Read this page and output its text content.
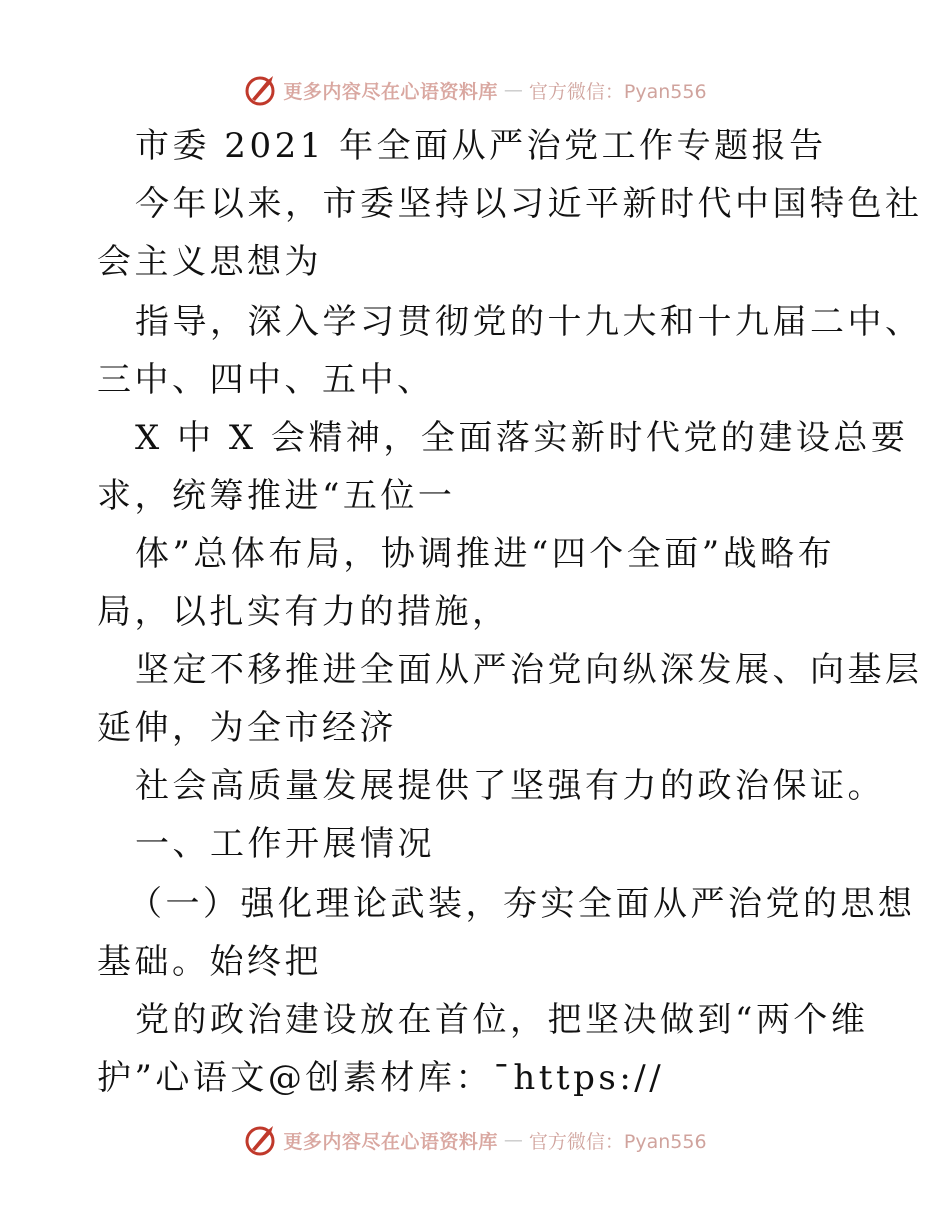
更多内容尽在心语资料库 — 官方微信：Pyan556
市委 2021 年全面从严治党工作专题报告
今年以来，市委坚持以习近平新时代中国特色社
会主义思想为
指导，深入学习贯彻党的十九大和十九届二中、
三中、四中、五中、
X 中 X 会精神，全面落实新时代党的建设总要
求，统筹推进“五位一
体”总体布局，协调推进“四个全面”战略布
局，以扎实有力的措施，
坚定不移推进全面从严治党向纵深发展、向基层
延伸，为全市经济
社会高质量发展提供了坚强有力的政治保证。
一、工作开展情况
（一）强化理论武装，夯实全面从严治党的思想
基础。始终把
党的政治建设放在首位，把坚决做到“两个维
护”心语文@创素材库：¯https://
更多内容尽在心语资料库 — 官方微信：Pyan556
